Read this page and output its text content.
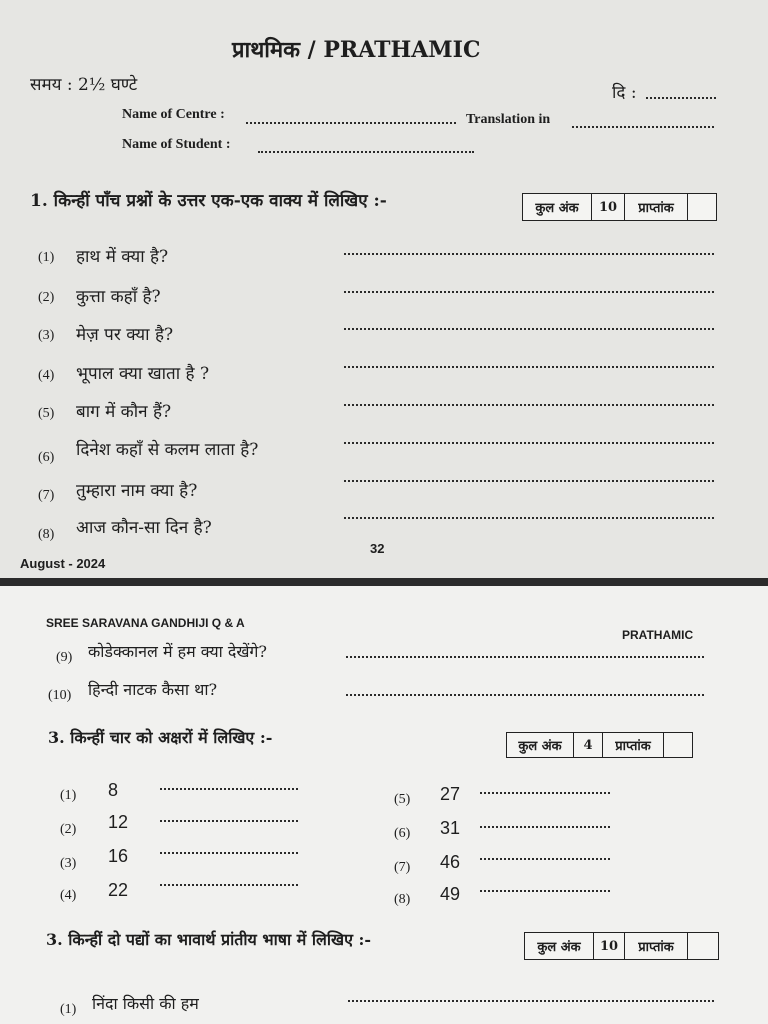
प्राथमिक / PRATHAMIC
समय : 2½ घण्टे	दि :
Name of Centre :	Translation in
Name of Student :
1. किन्हीं पाँच प्रश्नों के उत्तर एक-एक वाक्य में लिखिए :-	कुल अंक	10	प्राप्तांक
(1) हाथ में क्या है?
(2) कुत्ता कहाँ है?
(3) मेज़ पर क्या है?
(4) भूपाल क्या खाता है ?
(5) बाग में कौन हैं?
(6) दिनेश कहाँ से कलम लाता है?
(7) तुम्हारा नाम क्या है?
(8) आज कौन-सा दिन है?
August - 2024
32
SREE SARAVANA GANDHIJI Q & A
PRATHAMIC
(9) कोडेक्कानल में हम क्या देखेंगे?
(10) हिन्दी नाटक कैसा था?
3. किन्हीं चार को अक्षरों में लिखिए :-	कुल अंक	4	प्राप्तांक
(1) 8
(2) 12
(3) 16
(4) 22
(5) 27
(6) 31
(7) 46
(8) 49
3. किन्हीं दो पद्यों का भावार्थ प्रांतीय भाषा में लिखिए :-	कुल अंक	10	प्राप्तांक
(1) निंदा किसी की हम
